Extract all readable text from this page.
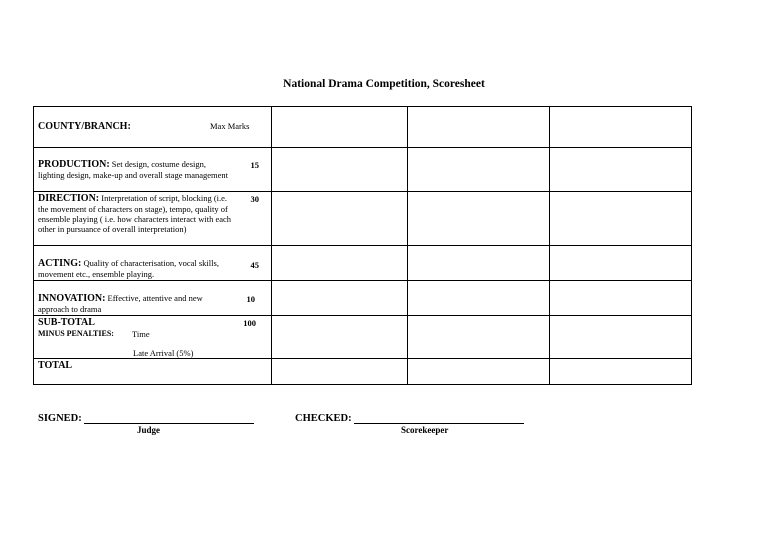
National Drama Competition, Scoresheet
COUNTY/BRANCH:	Max Marks
PRODUCTION: Set design, costume design, lighting design, make-up and overall stage management
15
DIRECTION: Interpretation of script, blocking (i.e. the movement of characters on stage), tempo, quality of ensemble playing ( i.e. how characters interact with each other in pursuance of overall interpretation)
30
ACTING: Quality of characterisation, vocal skills, movement etc., ensemble playing.
45
INNOVATION: Effective, attentive and new approach to drama
10
SUB-TOTAL	100
MINUS PENALTIES: Time
Late Arrival (5%)
TOTAL
SIGNED:
Judge
CHECKED:
Scorekeeper
